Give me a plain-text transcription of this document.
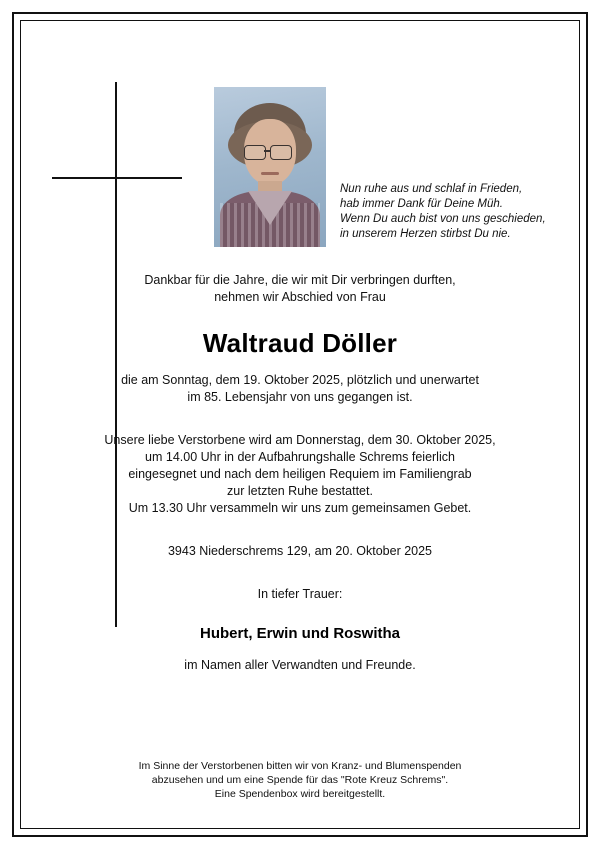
Nun ruhe aus und schlaf in Frieden,
hab immer Dank für Deine Müh.
Wenn Du auch bist von uns geschieden,
in unserem Herzen stirbst Du nie.
Dankbar für die Jahre, die wir mit Dir verbringen durften,
nehmen wir Abschied von Frau
Waltraud Döller
die am Sonntag, dem 19. Oktober 2025, plötzlich und unerwartet
im 85. Lebensjahr von uns gegangen ist.
Unsere liebe Verstorbene wird am Donnerstag, dem 30. Oktober 2025,
um 14.00 Uhr in der Aufbahrungshalle Schrems feierlich
eingesegnet und nach dem heiligen Requiem im Familiengrab
zur letzten Ruhe bestattet.
Um 13.30 Uhr versammeln wir uns zum gemeinsamen Gebet.
3943 Niederschrems 129, am 20. Oktober 2025
In tiefer Trauer:
Hubert, Erwin und Roswitha
im Namen aller Verwandten und Freunde.
Im Sinne der Verstorbenen bitten wir von Kranz- und Blumenspenden
abzusehen und um eine Spende für das "Rote Kreuz Schrems".
Eine Spendenbox wird bereitgestellt.
